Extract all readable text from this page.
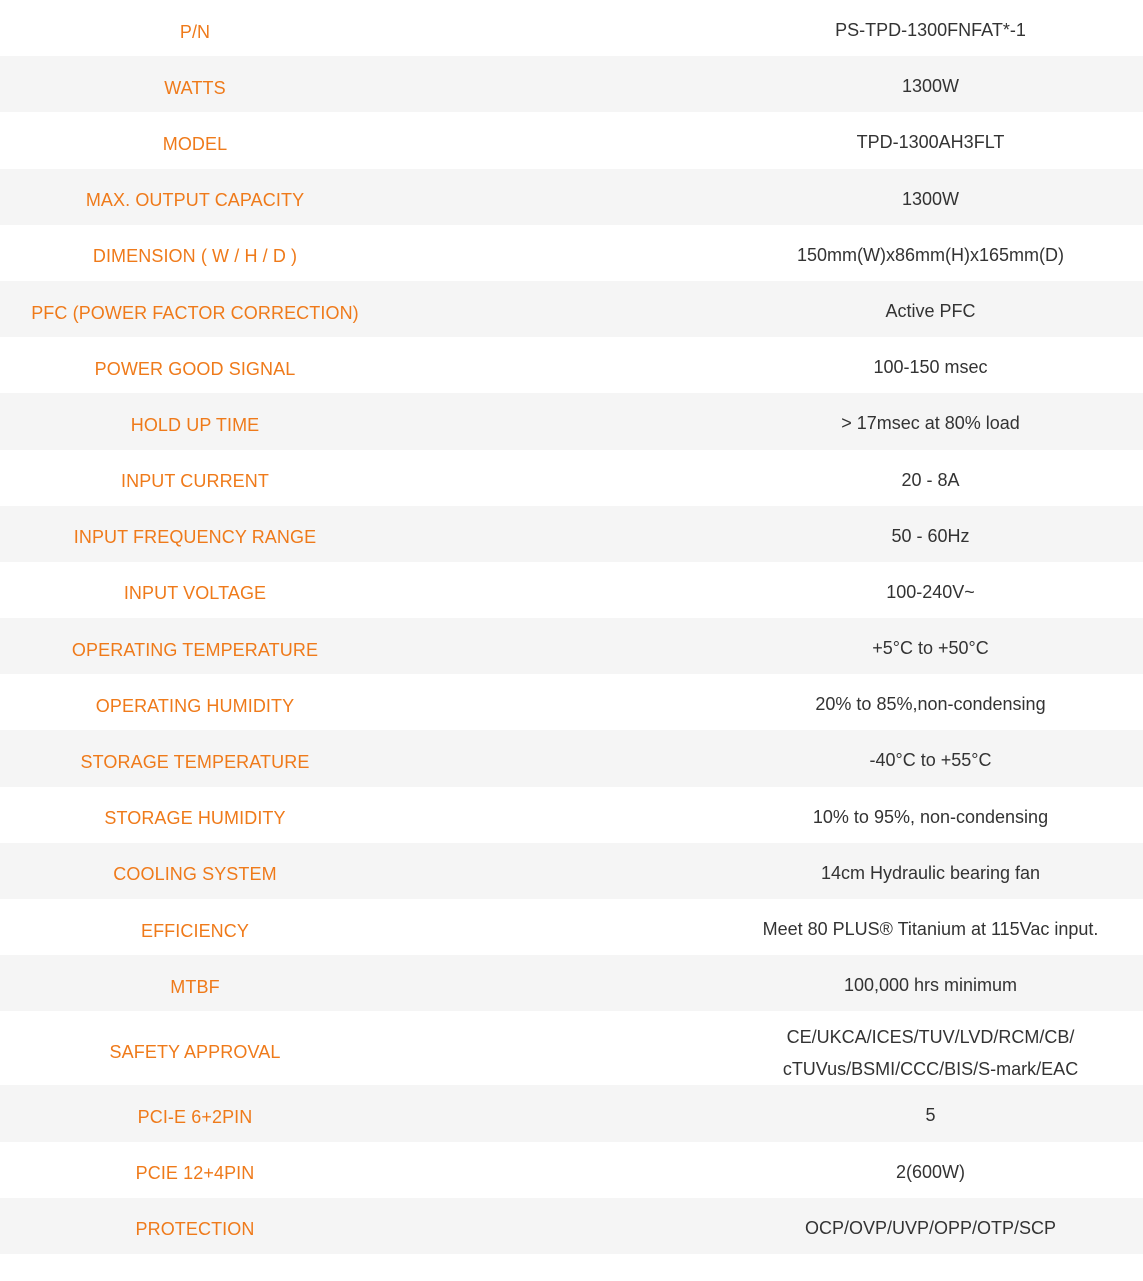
P/N	PS-TPD-1300FNFAT*-1

WATTS	1300W

MODEL	TPD-1300AH3FLT

MAX. OUTPUT CAPACITY	1300W

DIMENSION ( W / H / D )	150mm(W)x86mm(H)x165mm(D)

PFC (POWER FACTOR CORRECTION)	Active PFC

POWER GOOD SIGNAL	100-150 msec

HOLD UP TIME	> 17msec at 80% load

INPUT CURRENT	20 - 8A

INPUT FREQUENCY RANGE	50 - 60Hz

INPUT VOLTAGE	100-240V~

OPERATING TEMPERATURE	+5°C to +50°C

OPERATING HUMIDITY	20% to 85%,non-condensing

STORAGE TEMPERATURE	-40°C to +55°C

STORAGE HUMIDITY	10% to 95%, non-condensing

COOLING SYSTEM	14cm Hydraulic bearing fan

EFFICIENCY	Meet 80 PLUS® Titanium at 115Vac input.

MTBF	100,000 hrs minimum

SAFETY APPROVAL	CE/UKCA/ICES/TUV/LVD/RCM/CB/
cTUVus/BSMI/CCC/BIS/S-mark/EAC

PCI-E 6+2PIN	5

PCIE 12+4PIN	2(600W)

PROTECTION	OCP/OVP/UVP/OPP/OTP/SCP
